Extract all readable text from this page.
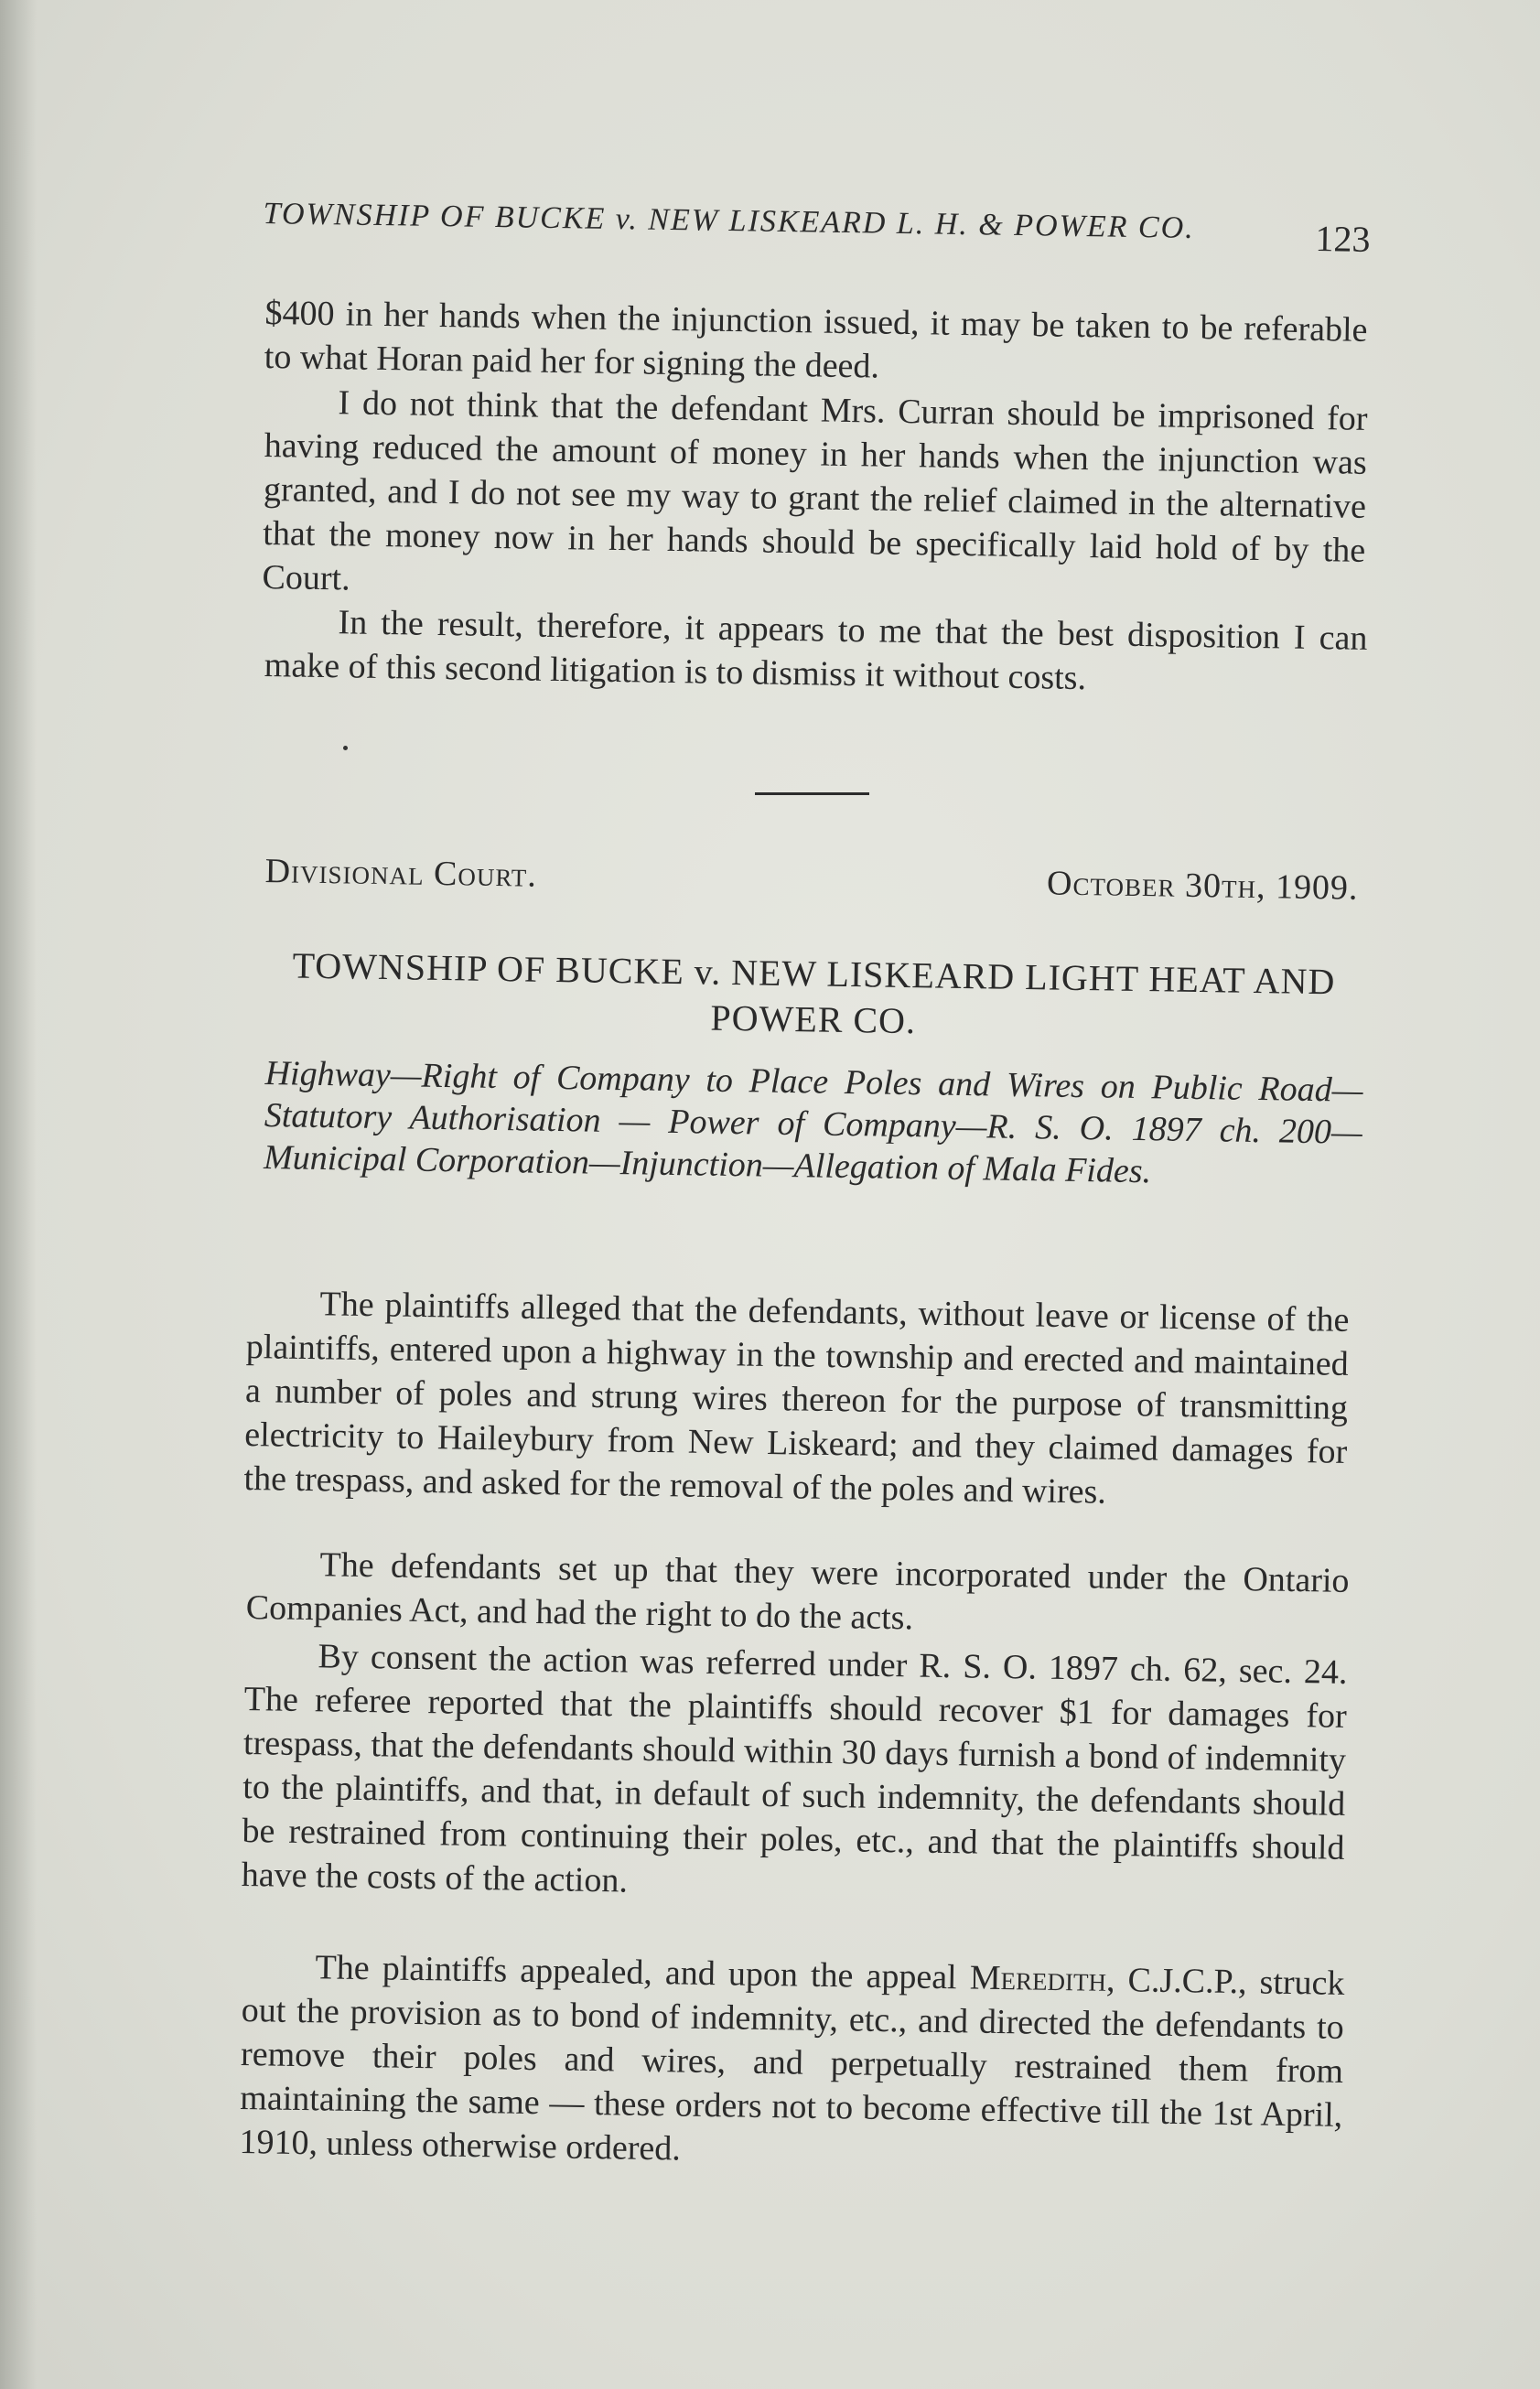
TOWNSHIP OF BUCKE v. NEW LISKEARD L. H. & POWER CO.	123
$400 in her hands when the injunction issued, it may be taken to be referable to what Horan paid her for signing the deed.
I do not think that the defendant Mrs. Curran should be imprisoned for having reduced the amount of money in her hands when the injunction was granted, and I do not see my way to grant the relief claimed in the alternative that the money now in her hands should be specifically laid hold of by the Court.
In the result, therefore, it appears to me that the best disposition I can make of this second litigation is to dismiss it without costs.
Divisional Court.	October 30th, 1909.
TOWNSHIP OF BUCKE v. NEW LISKEARD LIGHT HEAT AND POWER CO.
Highway—Right of Company to Place Poles and Wires on Public Road—Statutory Authorisation — Power of Company—R. S. O. 1897 ch. 200—Municipal Corporation—Injunction—Allegation of Mala Fides.
The plaintiffs alleged that the defendants, without leave or license of the plaintiffs, entered upon a highway in the township and erected and maintained a number of poles and strung wires thereon for the purpose of transmitting electricity to Haileybury from New Liskeard; and they claimed damages for the trespass, and asked for the removal of the poles and wires.
The defendants set up that they were incorporated under the Ontario Companies Act, and had the right to do the acts.
By consent the action was referred under R. S. O. 1897 ch. 62, sec. 24. The referee reported that the plaintiffs should recover $1 for damages for trespass, that the defendants should within 30 days furnish a bond of indemnity to the plaintiffs, and that, in default of such indemnity, the defendants should be restrained from continuing their poles, etc., and that the plaintiffs should have the costs of the action.
The plaintiffs appealed, and upon the appeal Meredith, C.J.C.P., struck out the provision as to bond of indemnity, etc., and directed the defendants to remove their poles and wires, and perpetually restrained them from maintaining the same — these orders not to become effective till the 1st April, 1910, unless otherwise ordered.
